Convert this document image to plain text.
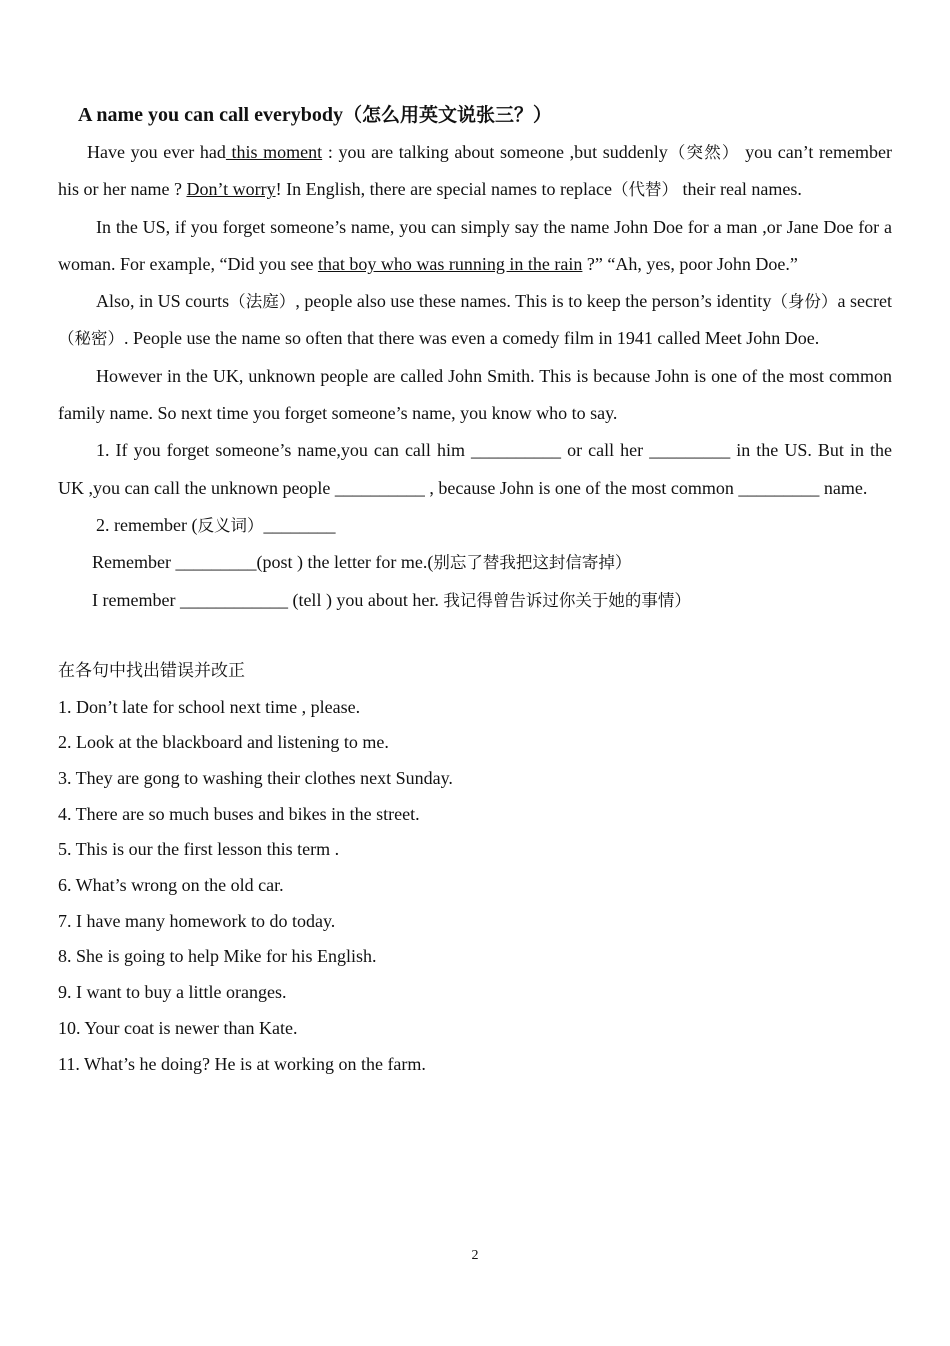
A name you can call everybody（怎么用英文说张三？）

Have you ever had this moment : you are talking about someone ,but suddenly（突然） you can’t remember his or her name ? Don’t worry! In English, there are special names to replace（代替） their real names.

In the US, if you forget someone’s name, you can simply say the name John Doe for a man ,or Jane Doe for a woman. For example, “Did you see that boy who was running in the rain ?” “Ah, yes, poor John Doe.”

Also, in US courts（法庭）, people also use these names. This is to keep the person’s identity（身份）a secret（秘密）. People use the name so often that there was even a comedy film in 1941 called Meet John Doe.

However in the UK, unknown people are called John Smith. This is because John is one of the most common family name. So next time you forget someone’s name, you know who to say.

1. If you forget someone’s name,you can call him __________ or call her _________ in the US. But in the UK ,you can call the unknown people __________ , because John is one of the most common _________ name.

2. remember (反义词）________

Remember _________(post ) the letter for me.(别忘了替我把这封信寄掉）

I remember ____________ (tell ) you about her. 我记得曾告诉过你关于她的事情）

在各句中找出错误并改正

1. Don’t late for school next time , please.

2. Look at the blackboard and listening to me.

3. They are gong to washing their clothes next Sunday.

4. There are so much buses and bikes in the street.

5. This is our the first lesson this term .

6. What’s wrong on the old car.

7. I have many homework to do today.

8. She is going to help Mike for his English.

9. I want to buy a little oranges.

10. Your coat is newer than Kate.

11. What’s he doing? He is at working on the farm.

2
